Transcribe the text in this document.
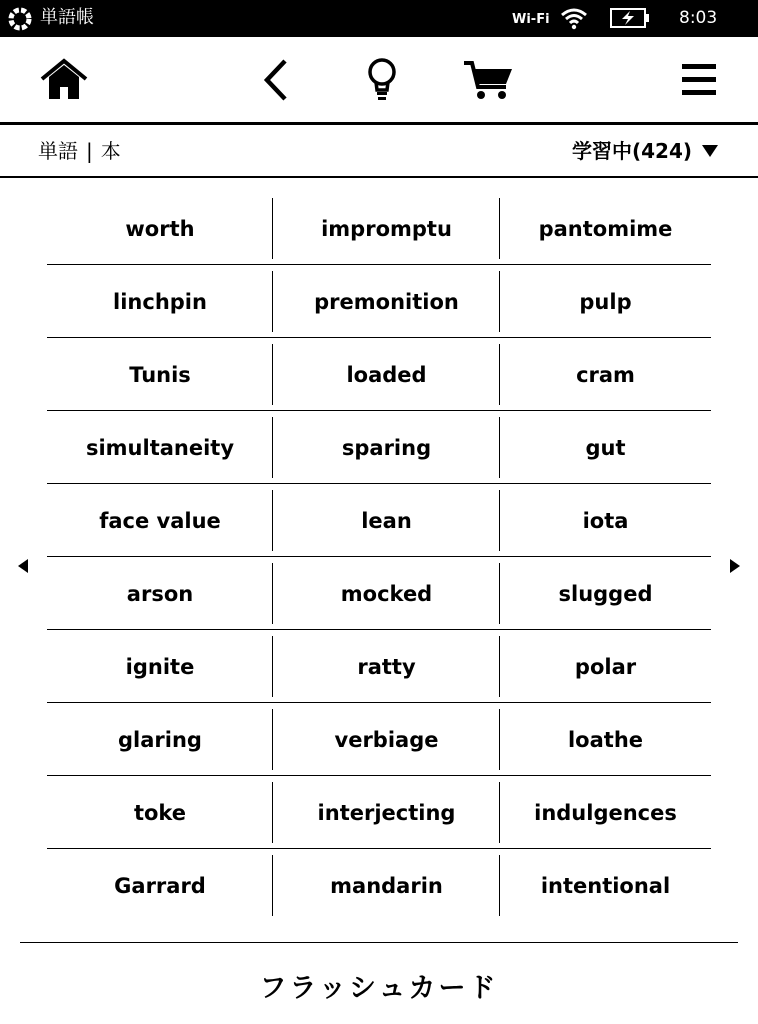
単語帳	Wi-Fi	8:03
単語 | 本	学習中(424)
worth	impromptu	pantomime
linchpin	premonition	pulp
Tunis	loaded	cram
simultaneity	sparing	gut
face value	lean	iota
arson	mocked	slugged
ignite	ratty	polar
glaring	verbiage	loathe
toke	interjecting	indulgences
Garrard	mandarin	intentional
フラッシュカード
